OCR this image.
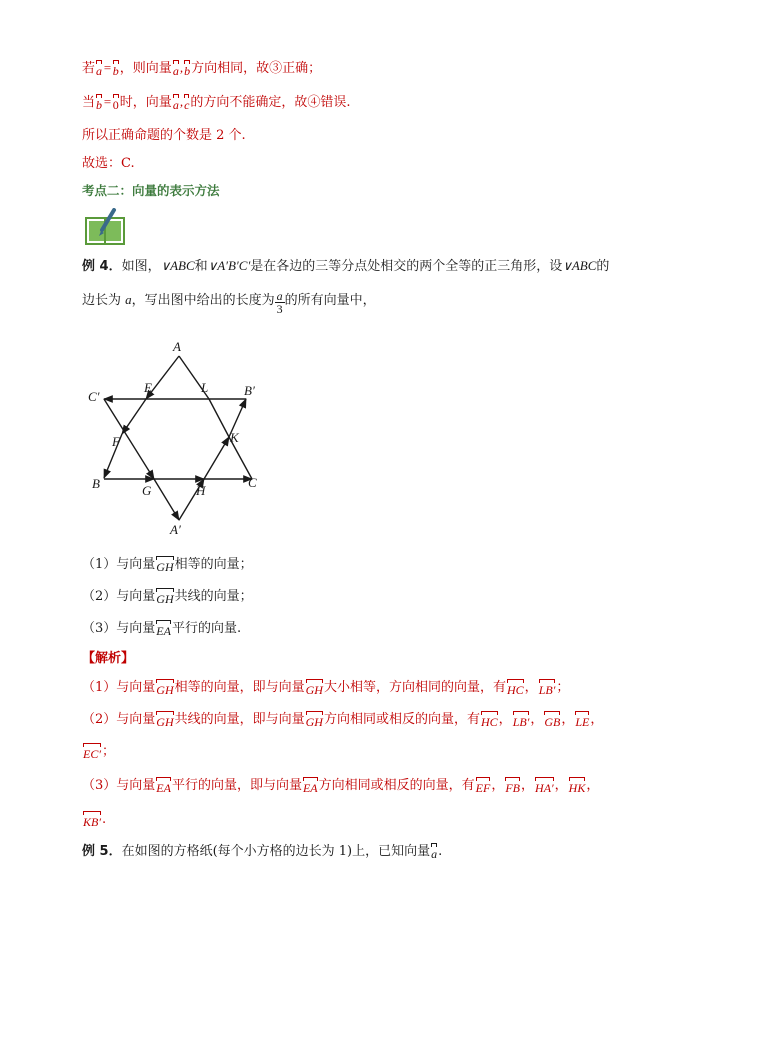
若
a=
b，则向量
a,
b方向相同，故③正确；
当
b=
0时，向量
a,
c的方向不能确定，故④错误.
所以正确命题的个数是 2 个.
故选：C.
考点二：向量的表示方法
例 4．如图，∨ABC和∨A′B′C′是在各边的三等分点处相交的两个全等的正三角形，设∨ABC的
边长为 a，写出图中给出的长度为 $\frac{a}{3}$ 的所有向量中，
A
B′
C′
E	L
K
F
B	C
G	H
A′
（1）与向量
GH相等的向量；
（2）与向量
GH共线的向量；
（3）与向量
EA平行的向量.
【解析】
（1）与向量
GH相等的向量，即与向量
GH大小相等，方向相同的向量，有
HC，
LB′；
（2）与向量
GH共线的向量，即与向量
GH方向相同或相反的向量，有
HC，
LB′，
GB，
LE，
EC′；
（3）与向量
EA平行的向量，即与向量
EA方向相同或相反的向量，有
EF，
FB，
HA′，
HK，
KB′.
例 5．在如图的方格纸(每个小方格的边长为 1)上，已知向量
a.
